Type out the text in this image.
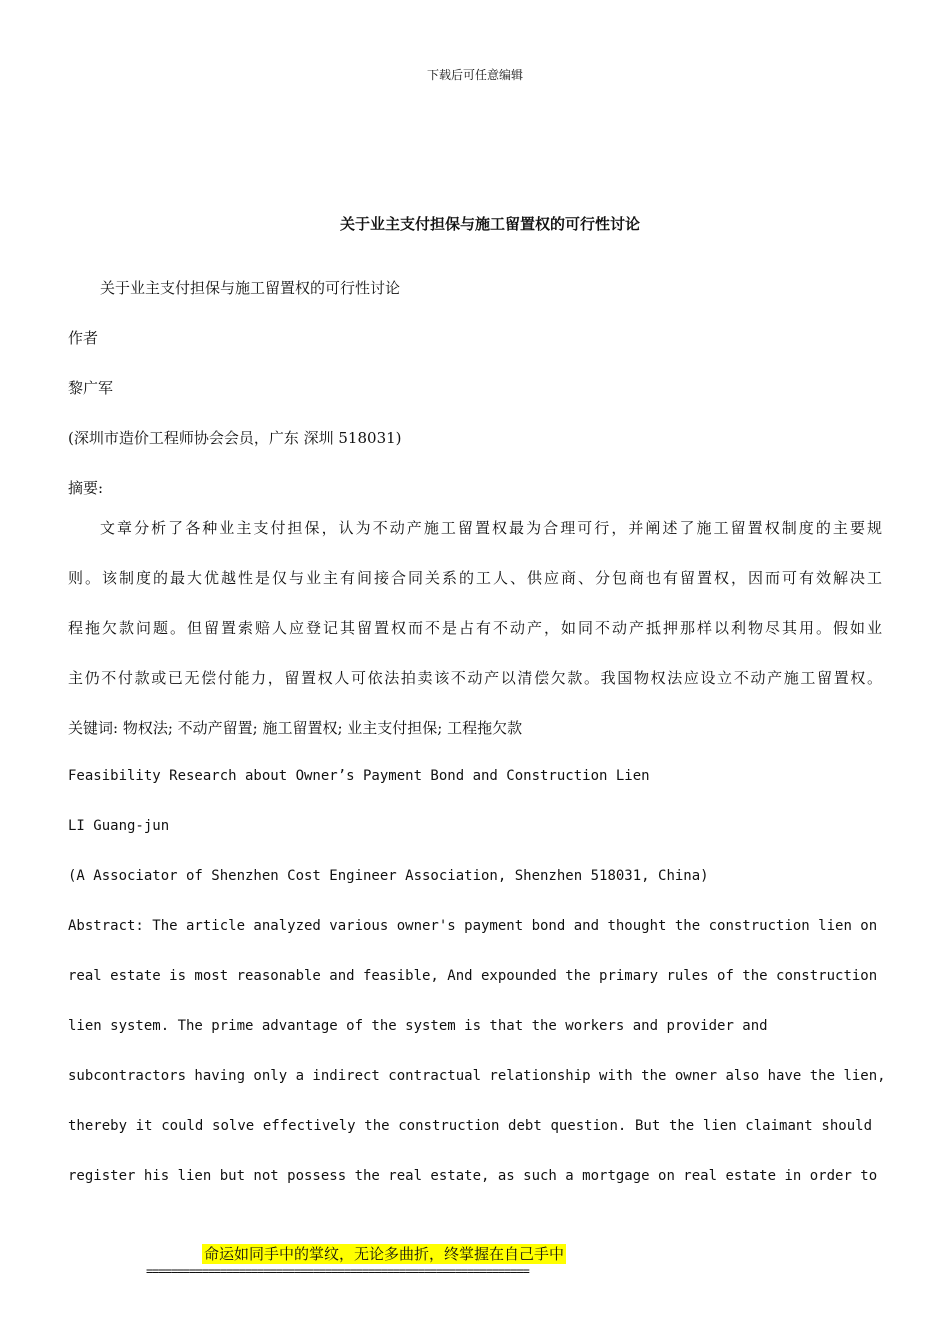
下载后可任意编辑
关于业主支付担保与施工留置权的可行性讨论
关于业主支付担保与施工留置权的可行性讨论
作者
黎广军
(深圳市造价工程师协会会员，广东 深圳 518031)
摘要:
文章分析了各种业主支付担保，认为不动产施工留置权最为合理可行，并阐述了施工留置权制度的主要规
则。该制度的最大优越性是仅与业主有间接合同关系的工人、供应商、分包商也有留置权，因而可有效解决工
程拖欠款问题。但留置索赔人应登记其留置权而不是占有不动产，如同不动产抵押那样以利物尽其用。假如业
主仍不付款或已无偿付能力，留置权人可依法拍卖该不动产以清偿欠款。我国物权法应设立不动产施工留置权。
关键词: 物权法; 不动产留置; 施工留置权; 业主支付担保; 工程拖欠款
Feasibility Research about Owner’s Payment Bond and Construction Lien
LI Guang-jun
(A Associator of Shenzhen Cost Engineer Association, Shenzhen 518031, China)
Abstract: The article analyzed various owner's payment bond and thought the construction lien on
real estate is most reasonable and feasible, And expounded the primary rules of the construction
lien system. The prime advantage of the system is that the workers and provider and
subcontractors having only a indirect contractual relationship with the owner also have the lien,
thereby it could solve effectively the construction debt question. But the lien claimant should
register his lien but not possess the real estate, as such a mortgage on real estate in order to
命运如同手中的掌纹，无论多曲折，终掌握在自己手中
==============================================================
